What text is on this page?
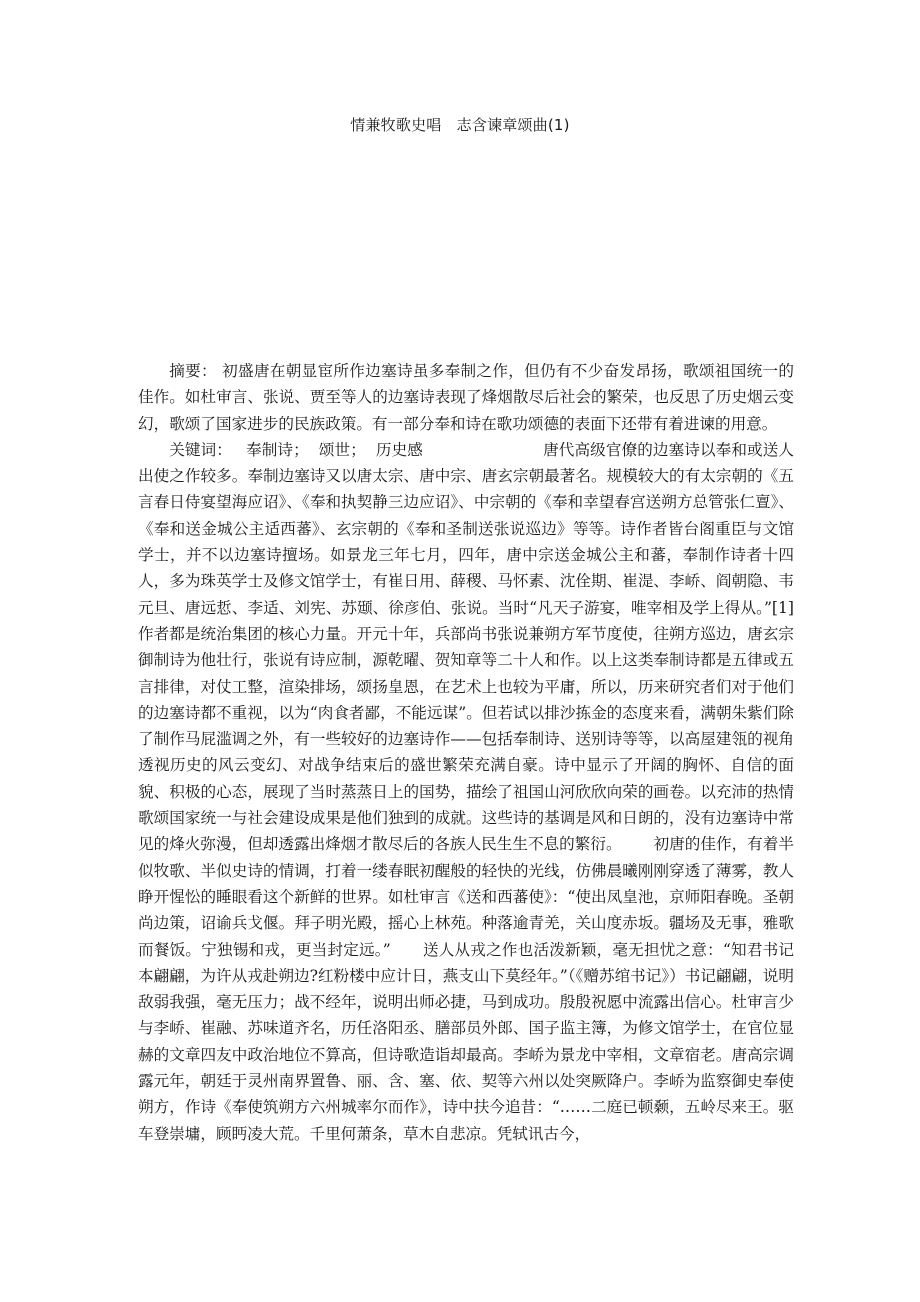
情兼牧歌史唱　志含谏章颂曲(1)

摘要： 初盛唐在朝显宦所作边塞诗虽多奉制之作，但仍有不少奋发昂扬，歌颂祖国统一的佳作。如杜审言、张说、贾至等人的边塞诗表现了烽烟散尽后社会的繁荣，也反思了历史烟云变幻，歌颂了国家进步的民族政策。有一部分奉和诗在歌功颂德的表面下还带有着进谏的用意。

关键词： 奉制诗； 颂世； 历史感	唐代高级官僚的边塞诗以奉和或送人出使之作较多。奉制边塞诗又以唐太宗、唐中宗、唐玄宗朝最著名。规模较大的有太宗朝的《五言春日侍宴望海应诏》、《奉和执契静三边应诏》、中宗朝的《奉和幸望春宫送朔方总管张仁亶》、《奉和送金城公主适西蕃》、玄宗朝的《奉和圣制送张说巡边》等等。诗作者皆台阁重臣与文馆学士，并不以边塞诗擅场。如景龙三年七月，四年，唐中宗送金城公主和蕃，奉制作诗者十四人，多为珠英学士及修文馆学士，有崔日用、薛稷、马怀素、沈佺期、崔湜、李峤、阎朝隐、韦元旦、唐远悊、李适、刘宪、苏颋、徐彦伯、张说。当时“凡天子游宴，唯宰相及学上得从。”[1]作者都是统治集团的核心力量。开元十年，兵部尚书张说兼朔方军节度使，往朔方巡边，唐玄宗御制诗为他壮行，张说有诗应制，源乾曜、贺知章等二十人和作。以上这类奉制诗都是五律或五言排律，对仗工整，渲染排场，颂扬皇恩，在艺术上也较为平庸，所以，历来研究者们对于他们的边塞诗都不重视，以为“肉食者鄙，不能远谋”。但若试以排沙拣金的态度来看，满朝朱紫们除了制作马屁滥调之外，有一些较好的边塞诗作——包括奉制诗、送别诗等等，以高屋建瓴的视角透视历史的风云变幻、对战争结束后的盛世繁荣充满自豪。诗中显示了开阔的胸怀、自信的面貌、积极的心态，展现了当时蒸蒸日上的国势，描绘了祖国山河欣欣向荣的画卷。以充沛的热情歌颂国家统一与社会建设成果是他们独到的成就。这些诗的基调是风和日朗的，没有边塞诗中常见的烽火弥漫，但却透露出烽烟才散尽后的各族人民生生不息的繁衍。 初唐的佳作，有着半似牧歌、半似史诗的情调，打着一缕春眠初醒般的轻快的光线，仿佛晨曦刚刚穿透了薄雾，教人睁开惺忪的睡眼看这个新鲜的世界。如杜审言《送和西蕃使》：“使出凤皇池，京师阳春晚。圣朝尚边策，诏谕兵戈偃。拜子明光殿，摇心上林苑。种落逾青羌，关山度赤坂。疆场及无事，雅歌而餐饭。宁独锡和戎，更当封定远。” 送人从戎之作也活泼新颖，毫无担忧之意：“知君书记本翩翩，为许从戎赴朔边?红粉楼中应计日，燕支山下莫经年。”（《赠苏绾书记》）书记翩翩，说明敌弱我强，毫无压力；战不经年，说明出师必捷，马到成功。殷殷祝愿中流露出信心。杜审言少与李峤、崔融、苏味道齐名，历任洛阳丞、膳部员外郎、国子监主簿，为修文馆学士，在官位显赫的文章四友中政治地位不算高，但诗歌造诣却最高。李峤为景龙中宰相，文章宿老。唐高宗调露元年，朝廷于灵州南界置鲁、丽、含、塞、依、契等六州以处突厥降户。李峤为监察御史奉使朔方，作诗《奉使筑朔方六州城率尔而作》，诗中扶今追昔：“……二庭已顿颡，五岭尽来王。驱车登崇墉，顾眄凌大荒。千里何萧条，草木自悲凉。凭轼讯古今，
